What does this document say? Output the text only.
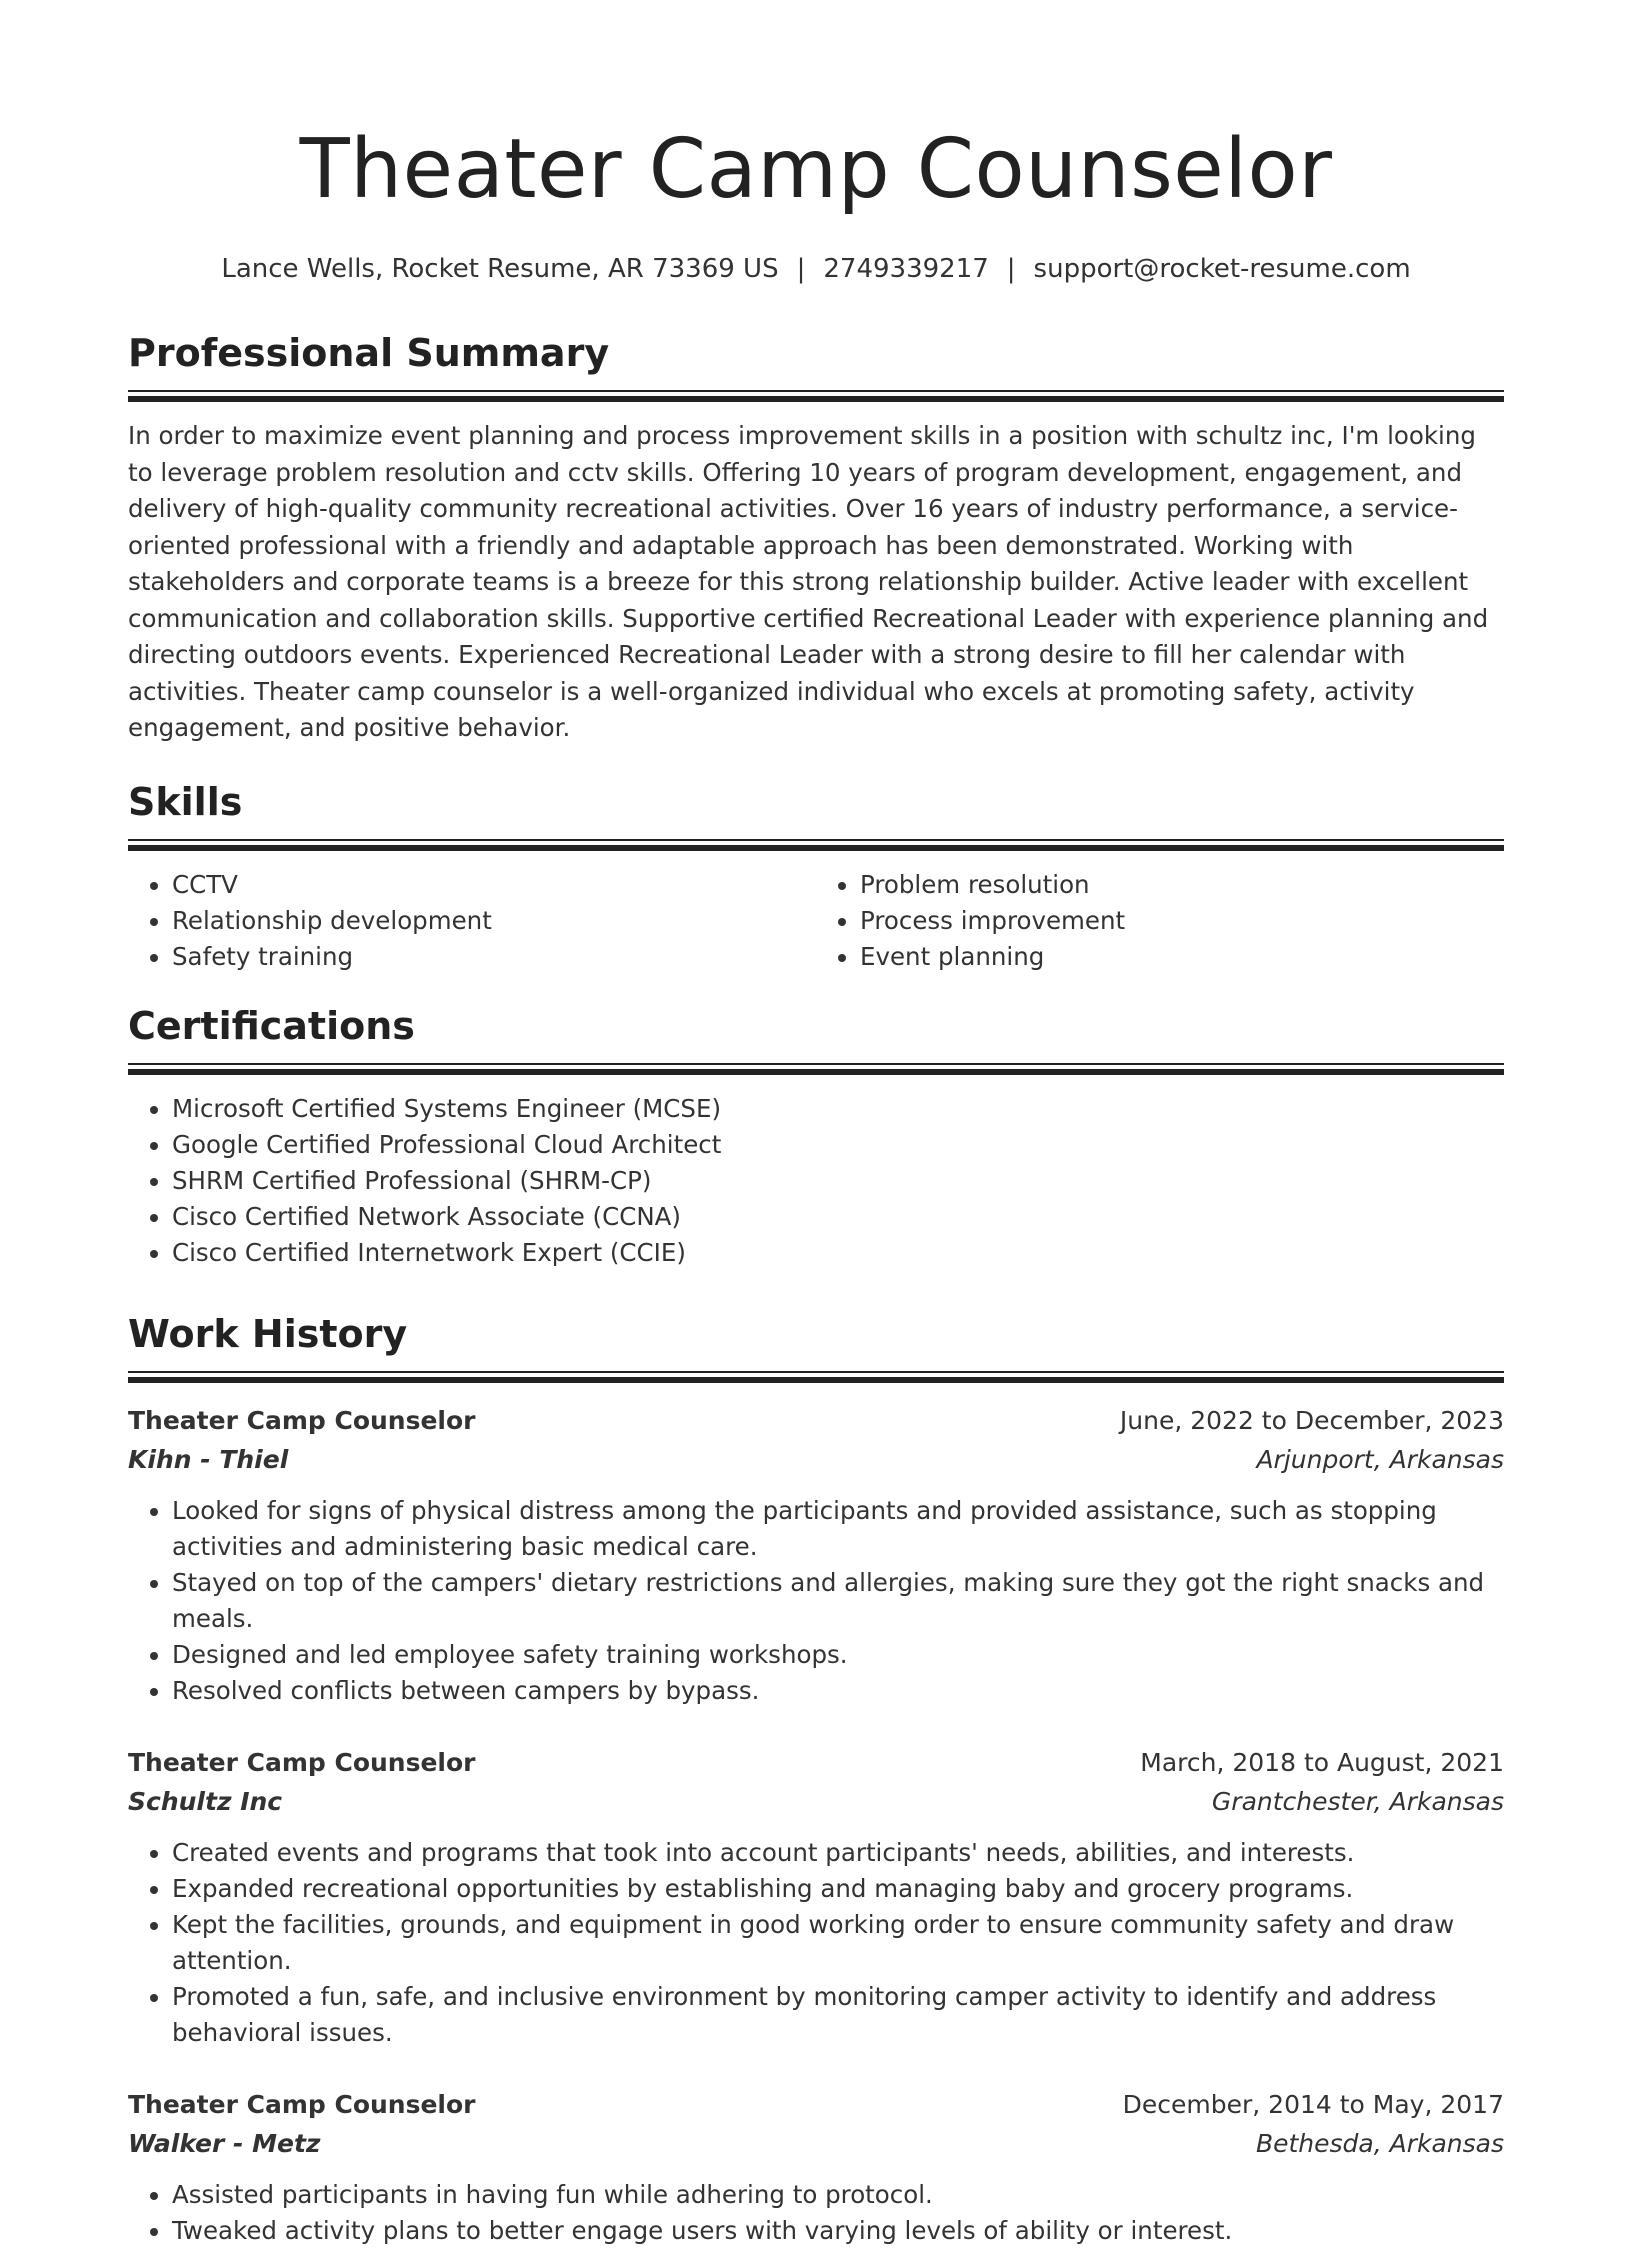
Theater Camp Counselor
Lance Wells, Rocket Resume, AR 73369 US | 2749339217 | support@rocket-resume.com
Professional Summary
In order to maximize event planning and process improvement skills in a position with schultz inc, I'm looking to leverage problem resolution and cctv skills. Offering 10 years of program development, engagement, and delivery of high-quality community recreational activities. Over 16 years of industry performance, a service-oriented professional with a friendly and adaptable approach has been demonstrated. Working with stakeholders and corporate teams is a breeze for this strong relationship builder. Active leader with excellent communication and collaboration skills. Supportive certified Recreational Leader with experience planning and directing outdoors events. Experienced Recreational Leader with a strong desire to fill her calendar with activities. Theater camp counselor is a well-organized individual who excels at promoting safety, activity engagement, and positive behavior.
Skills
• CCTV
• Relationship development
• Safety training
• Problem resolution
• Process improvement
• Event planning
Certifications
• Microsoft Certified Systems Engineer (MCSE)
• Google Certified Professional Cloud Architect
• SHRM Certified Professional (SHRM-CP)
• Cisco Certified Network Associate (CCNA)
• Cisco Certified Internetwork Expert (CCIE)
Work History
Theater Camp Counselor	June, 2022 to December, 2023
Kihn - Thiel	Arjunport, Arkansas
• Looked for signs of physical distress among the participants and provided assistance, such as stopping activities and administering basic medical care.
• Stayed on top of the campers' dietary restrictions and allergies, making sure they got the right snacks and meals.
• Designed and led employee safety training workshops.
• Resolved conflicts between campers by bypass.
Theater Camp Counselor	March, 2018 to August, 2021
Schultz Inc	Grantchester, Arkansas
• Created events and programs that took into account participants' needs, abilities, and interests.
• Expanded recreational opportunities by establishing and managing baby and grocery programs.
• Kept the facilities, grounds, and equipment in good working order to ensure community safety and draw attention.
• Promoted a fun, safe, and inclusive environment by monitoring camper activity to identify and address behavioral issues.
Theater Camp Counselor	December, 2014 to May, 2017
Walker - Metz	Bethesda, Arkansas
• Assisted participants in having fun while adhering to protocol.
• Tweaked activity plans to better engage users with varying levels of ability or interest.
